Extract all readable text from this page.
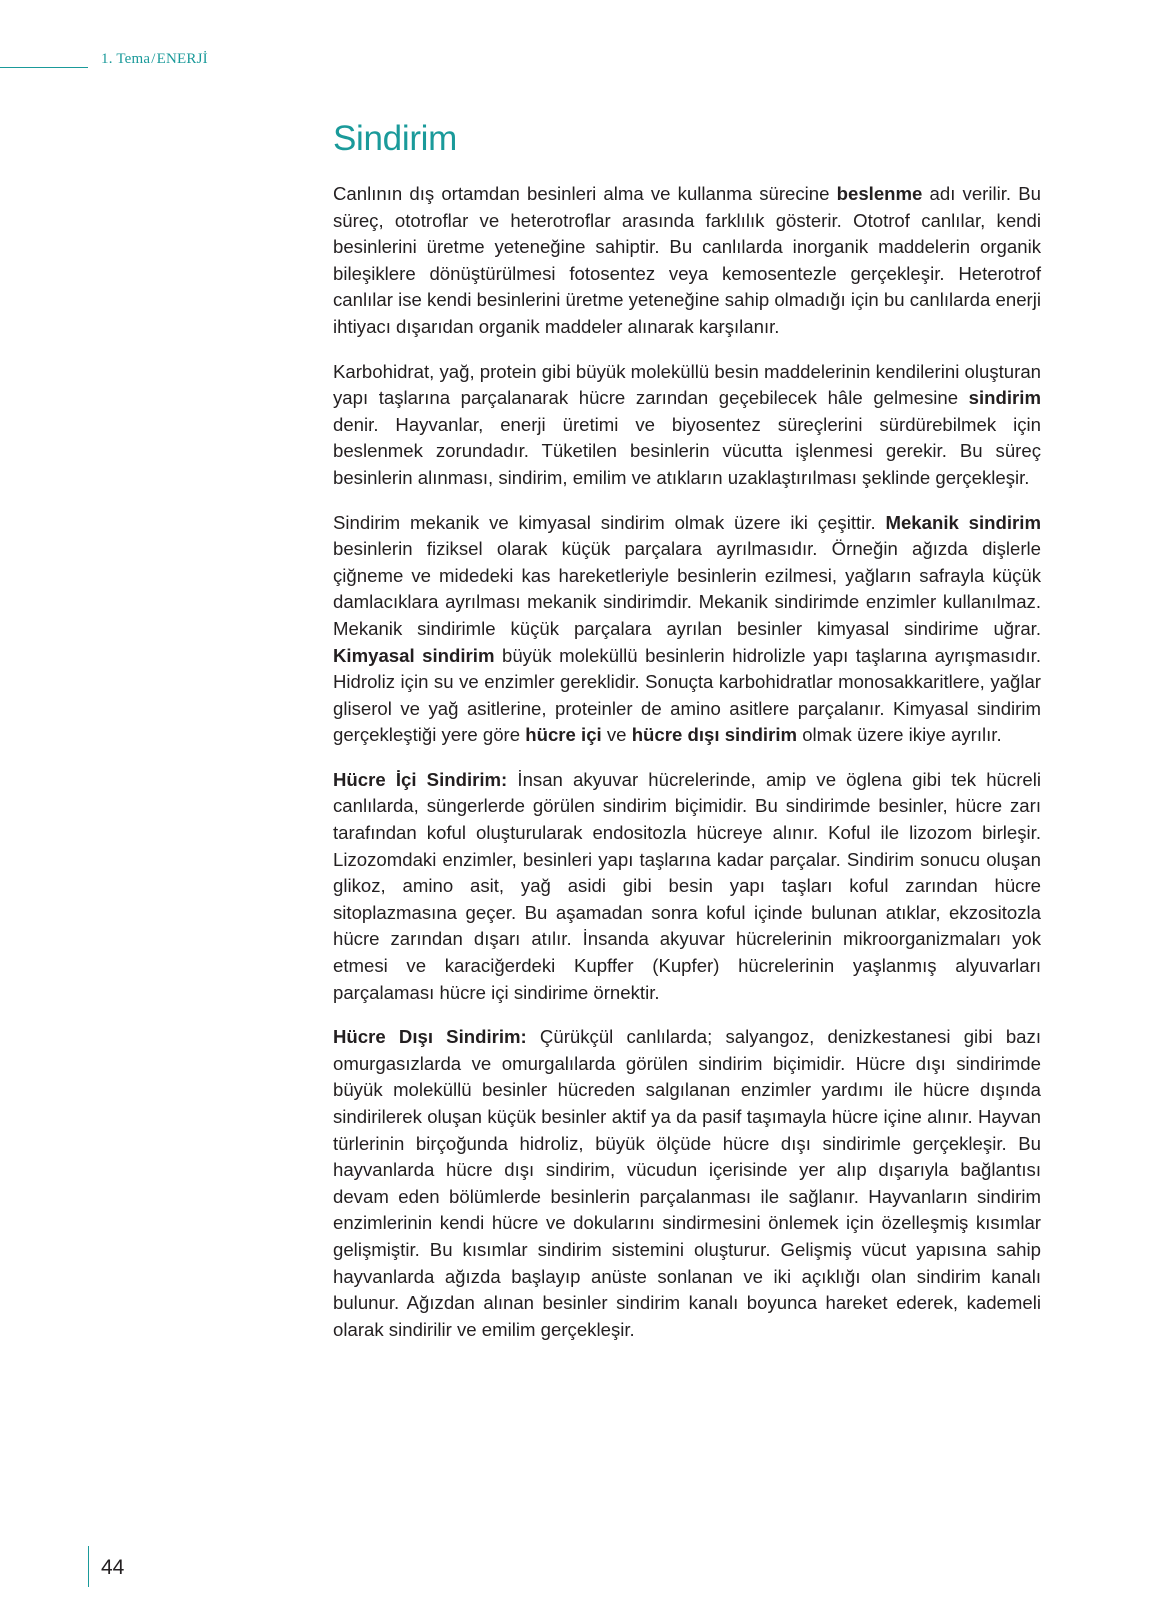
1. Tema/ENERJİ
Sindirim

Canlının dış ortamdan besinleri alma ve kullanma sürecine beslenme adı verilir. Bu süreç, ototroflar ve heterotroflar arasında farklılık gösterir. Ototrof canlılar, kendi besinlerini üretme yeteneğine sahiptir. Bu canlılarda inorganik maddelerin organik bileşiklere dönüştürülmesi fotosentez veya kemosentezle gerçekleşir. Heterotrof canlılar ise kendi besinlerini üretme yeteneğine sahip olmadığı için bu canlılarda enerji ihtiyacı dışarıdan organik maddeler alınarak karşılanır.

Karbohidrat, yağ, protein gibi büyük moleküllü besin maddelerinin kendilerini oluşturan yapı taşlarına parçalanarak hücre zarından geçebilecek hâle gelmesine sindirim denir. Hayvanlar, enerji üretimi ve biyosentez süreçlerini sürdürebilmek için beslenmek zorundadır. Tüketilen besinlerin vücutta işlenmesi gerekir. Bu süreç besinlerin alınması, sindirim, emilim ve atıkların uzaklaştırılması şeklinde gerçekleşir.

Sindirim mekanik ve kimyasal sindirim olmak üzere iki çeşittir. Mekanik sindirim besinlerin fiziksel olarak küçük parçalara ayrılmasıdır. Örneğin ağızda dişlerle çiğneme ve midedeki kas hareketleriyle besinlerin ezilmesi, yağların safrayla küçük damlacıklara ayrılması mekanik sindirimdir. Mekanik sindirimde enzimler kullanılmaz. Mekanik sindirimle küçük parçalara ayrılan besinler kimyasal sindirime uğrar. Kimyasal sindirim büyük moleküllü besinlerin hidrolizle yapı taşlarına ayrışmasıdır. Hidroliz için su ve enzimler gereklidir. Sonuçta karbohidratlar monosakkaritlere, yağlar gliserol ve yağ asitlerine, proteinler de amino asitlere parçalanır. Kimyasal sindirim gerçekleştiği yere göre hücre içi ve hücre dışı sindirim olmak üzere ikiye ayrılır.

Hücre İçi Sindirim: İnsan akyuvar hücrelerinde, amip ve öglena gibi tek hücreli canlılarda, süngerlerde görülen sindirim biçimidir. Bu sindirimde besinler, hücre zarı tarafından koful oluşturularak endositozla hücreye alınır. Koful ile lizozom birleşir. Lizozomdaki enzimler, besinleri yapı taşlarına kadar parçalar. Sindirim sonucu oluşan glikoz, amino asit, yağ asidi gibi besin yapı taşları koful zarından hücre sitoplazmasına geçer. Bu aşamadan sonra koful içinde bulunan atıklar, ekzositozla hücre zarından dışarı atılır. İnsanda akyuvar hücrelerinin mikroorganizmaları yok etmesi ve karaciğerdeki Kupffer (Kupfer) hücrelerinin yaşlanmış alyuvarları parçalaması hücre içi sindirime örnektir.

Hücre Dışı Sindirim: Çürükçül canlılarda; salyangoz, denizkestanesi gibi bazı omurgasızlarda ve omurgalılarda görülen sindirim biçimidir. Hücre dışı sindirimde büyük moleküllü besinler hücreden salgılanan enzimler yardımı ile hücre dışında sindirilerek oluşan küçük besinler aktif ya da pasif taşımayla hücre içine alınır. Hayvan türlerinin birçoğunda hidroliz, büyük ölçüde hücre dışı sindirimle gerçekleşir. Bu hayvanlarda hücre dışı sindirim, vücudun içerisinde yer alıp dışarıyla bağlantısı devam eden bölümlerde besinlerin parçalanması ile sağlanır. Hayvanların sindirim enzimlerinin kendi hücre ve dokularını sindirmesini önlemek için özelleşmiş kısımlar gelişmiştir. Bu kısımlar sindirim sistemini oluşturur. Gelişmiş vücut yapısına sahip hayvanlarda ağızda başlayıp anüste sonlanan ve iki açıklığı olan sindirim kanalı bulunur. Ağızdan alınan besinler sindirim kanalı boyunca hareket ederek, kademeli olarak sindirilir ve emilim gerçekleşir.

44
